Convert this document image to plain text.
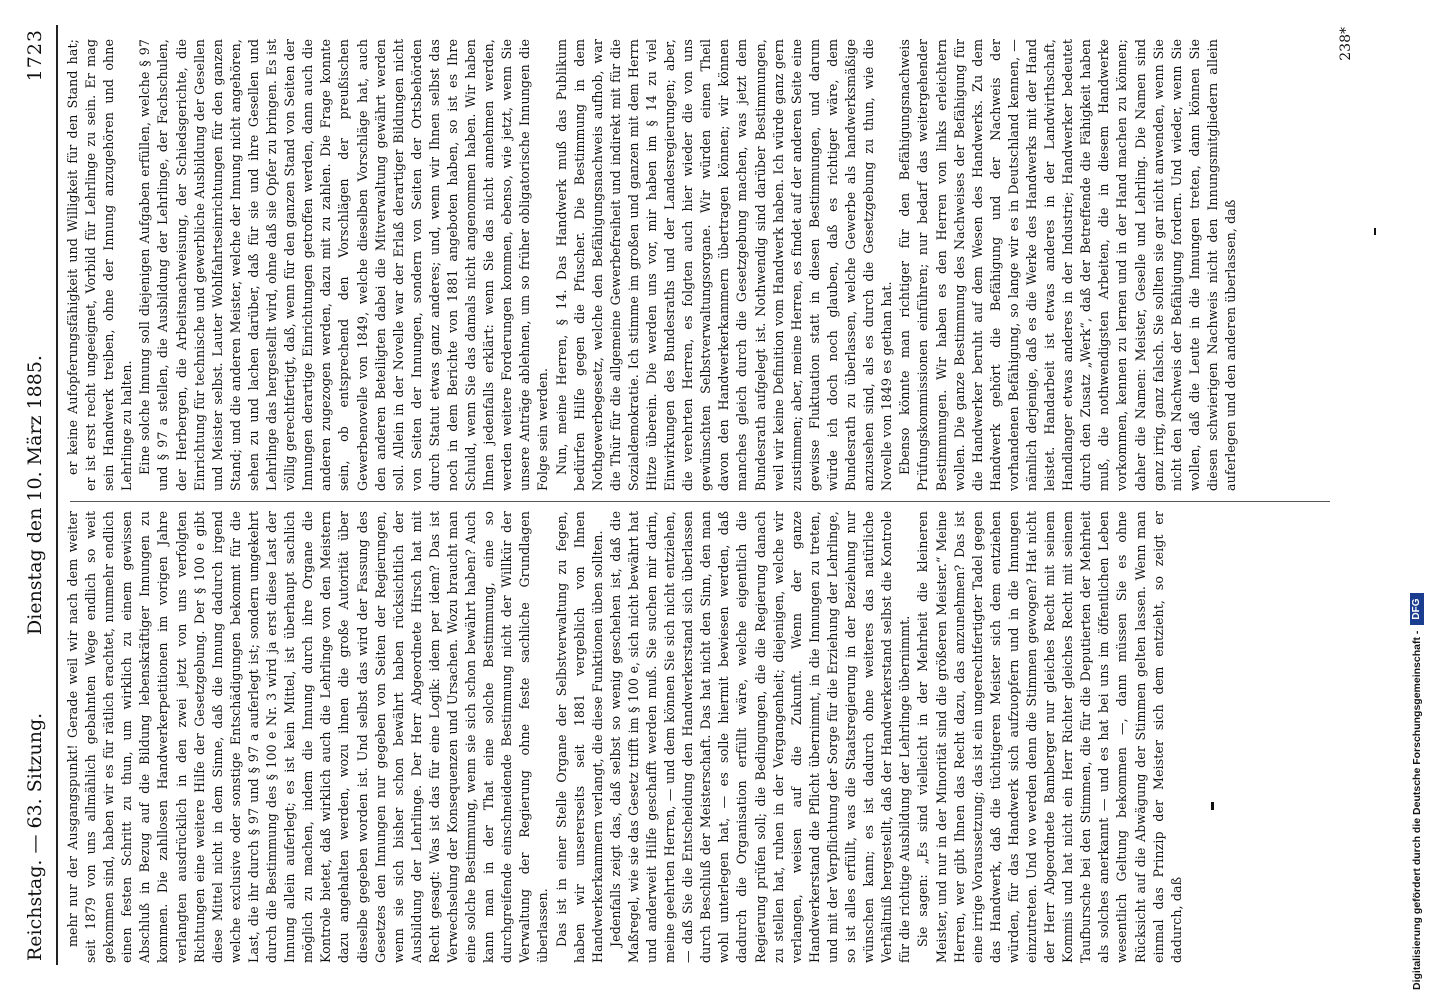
Reichstag. — 63. Sitzung.
Dienstag den 10. März 1885.
1723

mehr nur der Ausgangspunkt! Gerade weil wir nach dem weiter seit 1879 von uns allmählich gebahnten Wege endlich so weit gekommen sind, haben wir es für rätlich erachtet, nunmehr endlich einen festen Schritt zu thun, um wirklich zu einem gewissen Abschluß in Bezug auf die Bildung lebenskräftiger Innungen zu kommen. Die zahllosen Handwerkerpetitionen im vorigen Jahre verlangten ausdrücklich in den zwei jetzt von uns verfolgten Richtungen eine weitere Hilfe der Gesetzgebung. Der § 100 e gibt diese Mittel nicht in dem Sinne, daß die Innung dadurch irgend welche exclusive oder sonstige Entschädigungen bekommt für die Last, die ihr durch § 97 und § 97 a auferlegt ist; sondern umgekehrt durch die Bestimmung des § 100 e Nr. 3 wird ja erst diese Last der Innung allein auferlegt; es ist kein Mittel, ist überhaupt sachlich möglich zu machen, indem die Innung durch ihre Organe die Kontrole bietet, daß wirklich auch die Lehrlinge von den Meistern dazu angehalten werden, wozu ihnen die große Autorität über dieselbe gegeben worden ist. Und selbst das wird der Fassung des Gesetzes den Innungen nur gegeben von Seiten der Regierungen, wenn sie sich bisher schon bewährt haben rücksichtlich der Ausbildung der Lehrlinge. Der Herr Abgeordnete Hirsch hat mit Recht gesagt: Was ist das für eine Logik: idem per idem? Das ist Verwechselung der Konsequenzen und Ursachen. Wozu braucht man eine solche Bestimmung, wenn sie sich schon bewährt haben? Auch kann man in der That eine solche Bestimmung, eine so durchgreifende einschneidende Bestimmung nicht der Willkür der Verwaltung der Regierung ohne feste sachliche Grundlagen überlassen. Das ist in einer Stelle Organe der Selbstverwaltung zu fegen, haben wir unsererseits seit 1881 vergeblich von Ihnen Handwerkerkammern verlangt, die diese Funktionen üben sollten. Jedenfalls zeigt das, daß selbst so wenig geschehen ist, daß die Maßregel, wie sie das Gesetz trifft im § 100 e, sich nicht bewährt hat und anderweit Hilfe geschafft werden muß. Sie suchen mir darin, meine geehrten Herren, — und dem können Sie sich nicht entziehen, — daß Sie die Entscheidung den Handwerkerstand sich überlassen durch Beschluß der Meisterschaft. Das hat nicht den Sinn, den man wohl unterlegen hat, — es solle hiermit bewiesen werden, daß dadurch die Organisation erfüllt wäre, welche eigentlich die Regierung prüfen soll; die Bedingungen, die die Regierung danach zu stellen hat, ruhen in der Vergangenheit; diejenigen, welche wir verlangen, weisen auf die Zukunft. Wenn der ganze Handwerkerstand die Pflicht übernimmt, in die Innungen zu treten, und mit der Verpflichtung der Sorge für die Erziehung der Lehrlinge, so ist alles erfüllt, was die Staatsregierung in der Beziehung nur wünschen kann; es ist dadurch ohne weiteres das natürliche Verhältniß hergestellt, daß der Handwerkerstand selbst die Kontrole für die richtige Ausbildung der Lehrlinge übernimmt. Sie sagen: „Es sind vielleicht in der Mehrheit die kleineren Meister, und nur in der Minorität sind die größeren Meister.“ Meine Herren, wer gibt Ihnen das Recht dazu, das anzunehmen? Das ist eine irrige Voraussetzung; das ist ein ungerechtfertigter Tadel gegen das Handwerk, daß die tüchtigeren Meister sich dem entziehen würden, für das Handwerk sich aufzuopfern und in die Innungen einzutreten. Und wo werden denn die Stimmen gewogen? Hat nicht der Herr Abgeordnete Bamberger nur gleiches Recht mit seinem Kommis und hat nicht ein Herr Richter gleiches Recht mit seinem Taufbursche bei den Stimmen, die für die Deputierten der Mehrheit als solches anerkannt — und es hat bei uns im öffentlichen Leben wesentlich Geltung bekommen —, dann müssen Sie es ohne Rücksicht auf die Abwägung der Stimmen gelten lassen. Wenn man einmal das Prinzip der Meister sich dem entzieht, so zeigt er dadurch, daß

er keine Aufopferungsfähigkeit und Willigkeit für den Stand hat; er ist erst recht ungeeignet, Vorbild für Lehrlinge zu sein. Er mag sein Handwerk treiben, ohne der Innung anzugehören und ohne Lehrlinge zu halten. Eine solche Innung soll diejenigen Aufgaben erfüllen, welche § 97 und § 97 a stellen, die Ausbildung der Lehrlinge, der Fachschulen, der Herbergen, die Arbeitsnachweisung, der Schiedsgerichte, die Einrichtung für technische und gewerbliche Ausbildung der Gesellen und Meister selbst. Lauter Wohlfahrtseinrichtungen für den ganzen Stand; und die anderen Meister, welche der Innung nicht angehören, sehen zu und lachen darüber, daß für sie und ihre Gesellen und Lehrlinge das hergestellt wird, ohne daß sie Opfer zu bringen. Es ist völlig gerechtfertigt, daß, wenn für den ganzen Stand von Seiten der Innungen derartige Einrichtungen getroffen werden, dann auch die anderen zugezogen werden, dazu mit zu zahlen. Die Frage konnte sein, ob entsprechend den Vorschlägen der preußischen Gewerbenovelle von 1849, welche dieselben Vorschläge hat, auch den anderen Beteiligten dabei die Mitverwaltung gewährt werden soll. Allein in der Novelle war der Erlaß derartiger Bildungen nicht von Seiten der Innungen, sondern von Seiten der Ortsbehörden durch Statut etwas ganz anderes; und, wenn wir Ihnen selbst das noch in dem Berichte von 1881 angeboten haben, so ist es Ihre Schuld, wenn Sie das damals nicht angenommen haben. Wir haben Ihnen jedenfalls erklärt: wenn Sie das nicht annehmen werden, werden weitere Forderungen kommen, ebenso, wie jetzt, wenn Sie unsere Anträge ablehnen, um so früher obligatorische Innungen die Folge sein werden. Nun, meine Herren, § 14. Das Handwerk muß das Publikum bedürfen Hilfe gegen die Pfuscher. Die Bestimmung in dem Nothgewerbegesetz, welche den Befähigungsnachweis aufhob, war die Thür für die allgemeine Gewerbefreiheit und indirekt mit für die Sozialdemokratie. Ich stimme im großen und ganzen mit dem Herrn Hitze überein. Die werden uns vor, mir haben im § 14 zu viel Einwirkungen des Bundesraths und der Landesregierungen; aber, die verehrten Herren, es folgten auch hier wieder die von uns gewünschten Selbstverwaltungsorgane. Wir würden einen Theil davon den Handwerkerkammern übertragen können; wir können manches gleich durch die Gesetzgebung machen, was jetzt dem Bundesrath aufgelegt ist. Nothwendig sind darüber Bestimmungen, weil wir keine Definition vom Handwerk haben. Ich würde ganz gern zustimmen; aber, meine Herren, es findet auf der anderen Seite eine gewisse Fluktuation statt in diesen Bestimmungen, und darum würde ich doch noch glauben, daß es richtiger wäre, dem Bundesrath zu überlassen, welche Gewerbe als handwerksmäßige anzusehen sind, als es durch die Gesetzgebung zu thun, wie die Novelle von 1849 es gethan hat. Ebenso könnte man richtiger für den Befähigungsnachweis Prüfungskommissionen einführen; nur bedarf das weitergehender Bestimmungen. Wir haben es den Herren von links erleichtern wollen. Die ganze Bestimmung des Nachweises der Befähigung für die Handwerker beruht auf dem Wesen des Handwerks. Zu dem Handwerk gehört die Befähigung und der Nachweis der vorhandenen Befähigung, so lange wir es in Deutschland kennen, — nämlich derjenige, daß es die Werke des Handwerks mit der Hand leistet. Handarbeit ist etwas anderes in der Landwirthschaft, Handlanger etwas anderes in der Industrie; Handwerker bedeutet durch den Zusatz „Werk“, daß der Betreffende die Fähigkeit haben muß, die nothwendigsten Arbeiten, die in diesem Handwerke vorkommen, kennen zu lernen und in der Hand machen zu können; daher die Namen: Meister, Geselle und Lehrling. Die Namen sind ganz irrig, ganz falsch. Sie sollten sie gar nicht anwenden, wenn Sie nicht den Nachweis der Befähigung fordern. Und wieder, wenn Sie wollen, daß die Leute in die Innungen treten, dann können Sie diesen schwierigen Nachweis nicht den Innungsmitgliedern allein auferlegen und den anderen überlassen, daß

238*
Digitalisierung gefördert durch die Deutsche Forschungsgemeinschaft -DFG
